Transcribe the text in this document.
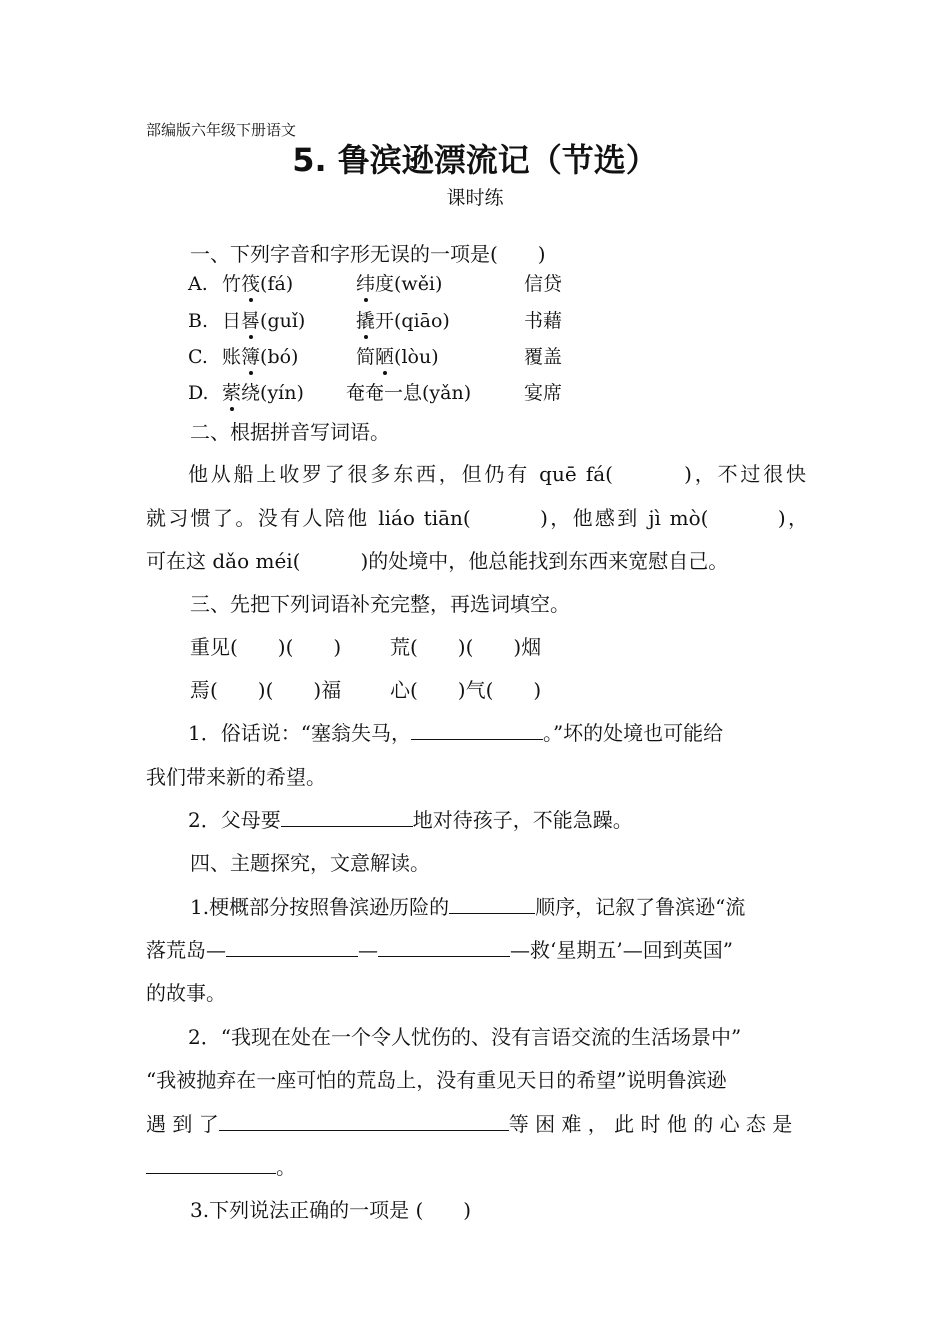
部编版六年级下册语文
5. 鲁滨逊漂流记（节选）
课时练
一、下列字音和字形无误的一项是(　　)
A. 竹筏(fá)	纬度(wěi)	信贷
B. 日晷(guǐ)	撬开(qiāo)	书藉
C. 账簿(bó)	简陋(lòu)	覆盖
D. 萦绕(yín) 奄奄一息(yǎn)	宴席
二、根据拼音写词语。
他从船上收罗了很多东西，但仍有 quē fá(　　　)，不过很快
就习惯了。没有人陪他 liáo tiān(　　　)，他感到 jì mò(　　　)，
可在这 dǎo méi(　　　)的处境中，他总能找到东西来宽慰自己。
三、先把下列词语补充完整，再选词填空。
重见(　　)(　　) 荒(　　)(　　)烟
焉(　　)(　　)福 心(　　)气(　　)
1．俗话说：“塞翁失马，	。”坏的处境也可能给
我们带来新的希望。
2．父母要	地对待孩子，不能急躁。
四、主题探究，文意解读。
1.梗概部分按照鲁滨逊历险的	顺序，记叙了鲁滨逊“流
落荒岛—	—	—救‘星期五’—回到英国”
的故事。
2．“我现在处在一个令人忧伤的、没有言语交流的生活场景中”
“我被抛弃在一座可怕的荒岛上，没有重见天日的希望”说明鲁滨逊
遇 到 了	等 困 难 ， 此 时 他 的 心 态 是
。
3.下列说法正确的一项是 (　　)
